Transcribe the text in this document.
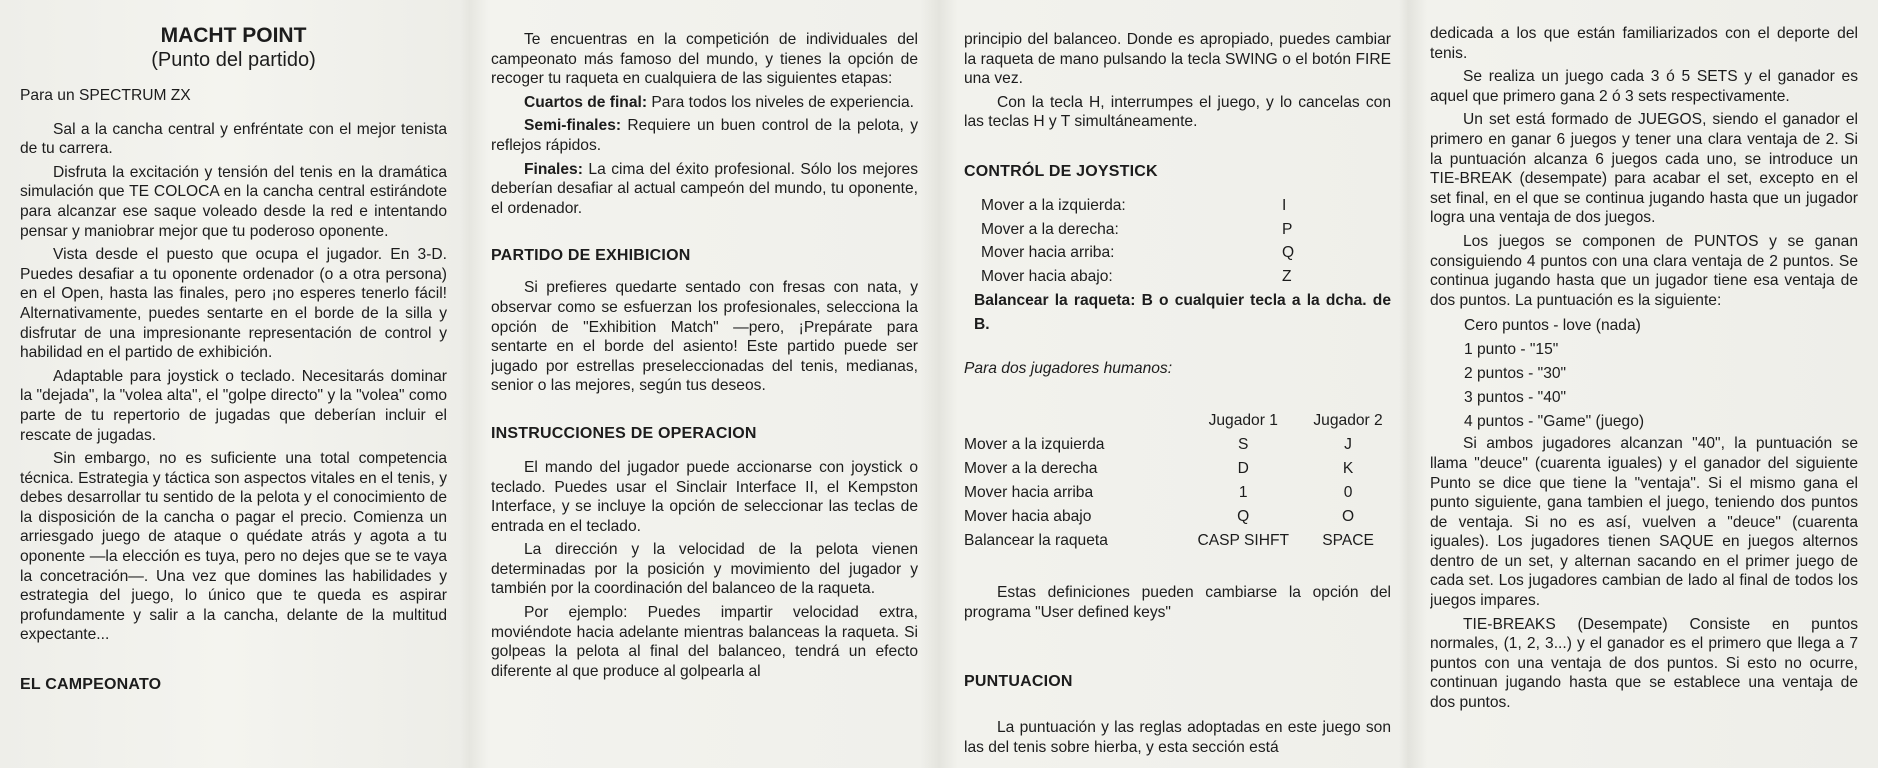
MACHT POINT
(Punto del partido)
Para un SPECTRUM ZX

Sal a la cancha central y enfréntate con el mejor tenista de tu carrera.

Disfruta la excitación y tensión del tenis en la dramática simulación que TE COLOCA en la cancha central estirándote para alcanzar ese saque voleado desde la red e intentando pensar y maniobrar mejor que tu poderoso oponente.

Vista desde el puesto que ocupa el jugador. En 3-D. Puedes desafiar a tu oponente ordenador (o a otra persona) en el Open, hasta las finales, pero ¡no esperes tenerlo fácil! Alternativamente, puedes sentarte en el borde de la silla y disfrutar de una impresionante representación de control y habilidad en el partido de exhibición.

Adaptable para joystick o teclado. Necesitarás dominar la "dejada", la "volea alta", el "golpe directo" y la "volea" como parte de tu repertorio de jugadas que deberían incluir el rescate de jugadas.

Sin embargo, no es suficiente una total competencia técnica. Estrategia y táctica son aspectos vitales en el tenis, y debes desarrollar tu sentido de la pelota y el conocimiento de la disposición de la cancha o pagar el precio. Comienza un arriesgado juego de ataque o quédate atrás y agota a tu oponente —la elección es tuya, pero no dejes que se te vaya la concetración—. Una vez que domines las habilidades y estrategia del juego, lo único que te queda es aspirar profundamente y salir a la cancha, delante de la multitud expectante...

EL CAMPEONATO

Te encuentras en la competición de individuales del campeonato más famoso del mundo, y tienes la opción de recoger tu raqueta en cualquiera de las siguientes etapas:

Cuartos de final: Para todos los niveles de experiencia.

Semi-finales: Requiere un buen control de la pelota, y reflejos rápidos.

Finales: La cima del éxito profesional. Sólo los mejores deberían desafiar al actual campeón del mundo, tu oponente, el ordenador.

PARTIDO DE EXHIBICION

Si prefieres quedarte sentado con fresas con nata, y observar como se esfuerzan los profesionales, selecciona la opción de "Exhibition Match" —pero, ¡Prepárate para sentarte en el borde del asiento! Este partido puede ser jugado por estrellas preseleccionadas del tenis, medianas, senior o las mejores, según tus deseos.

INSTRUCCIONES DE OPERACION

El mando del jugador puede accionarse con joystick o teclado. Puedes usar el Sinclair Interface II, el Kempston Interface, y se incluye la opción de seleccionar las teclas de entrada en el teclado.

La dirección y la velocidad de la pelota vienen determinadas por la posición y movimiento del jugador y también por la coordinación del balanceo de la raqueta.

Por ejemplo: Puedes impartir velocidad extra, moviéndote hacia adelante mientras balanceas la raqueta. Si golpeas la pelota al final del balanceo, tendrá un efecto diferente al que produce al golpearla al

principio del balanceo. Donde es apropiado, puedes cambiar la raqueta de mano pulsando la tecla SWING o el botón FIRE una vez.

Con la tecla H, interrumpes el juego, y lo cancelas con las teclas H y T simultáneamente.

CONTRÓL DE JOYSTICK
Mover a la izquierda:	I
Mover a la derecha:	P
Mover hacia arriba:	Q
Mover hacia abajo:	Z

Balancear la raqueta: B o cualquier tecla a la dcha. de B.

Para dos jugadores humanos:

	Jugador 1	Jugador 2
Mover a la izquierda	S	J
Mover a la derecha	D	K
Mover hacia arriba	1	0
Mover hacia abajo	Q	O
Balancear la raqueta	CASP SIHFT	SPACE

Estas definiciones pueden cambiarse la opción del programa "User defined keys"

PUNTUACION

La puntuación y las reglas adoptadas en este juego son las del tenis sobre hierba, y esta sección está

dedicada a los que están familiarizados con el deporte del tenis.

Se realiza un juego cada 3 ó 5 SETS y el ganador es aquel que primero gana 2 ó 3 sets respectivamente.

Un set está formado de JUEGOS, siendo el ganador el primero en ganar 6 juegos y tener una clara ventaja de 2. Si la puntuación alcanza 6 juegos cada uno, se introduce un TIE-BREAK (desempate) para acabar el set, excepto en el set final, en el que se continua jugando hasta que un jugador logra una ventaja de dos juegos.

Los juegos se componen de PUNTOS y se ganan consiguiendo 4 puntos con una clara ventaja de 2 puntos. Se continua jugando hasta que un jugador tiene esa ventaja de dos puntos. La puntuación es la siguiente:

Cero puntos - love (nada)
1 punto - "15"
2 puntos - "30"
3 puntos - "40"
4 puntos - "Game" (juego)

Si ambos jugadores alcanzan "40", la puntuación se llama "deuce" (cuarenta iguales) y el ganador del siguiente Punto se dice que tiene la "ventaja". Si el mismo gana el punto siguiente, gana tambien el juego, teniendo dos puntos de ventaja. Si no es así, vuelven a "deuce" (cuarenta iguales). Los jugadores tienen SAQUE en juegos alternos dentro de un set, y alternan sacando en el primer juego de cada set. Los jugadores cambian de lado al final de todos los juegos impares.

TIE-BREAKS (Desempate) Consiste en puntos normales, (1, 2, 3...) y el ganador es el primero que llega a 7 puntos con una ventaja de dos puntos. Si esto no ocurre, continuan jugando hasta que se establece una ventaja de dos puntos.
